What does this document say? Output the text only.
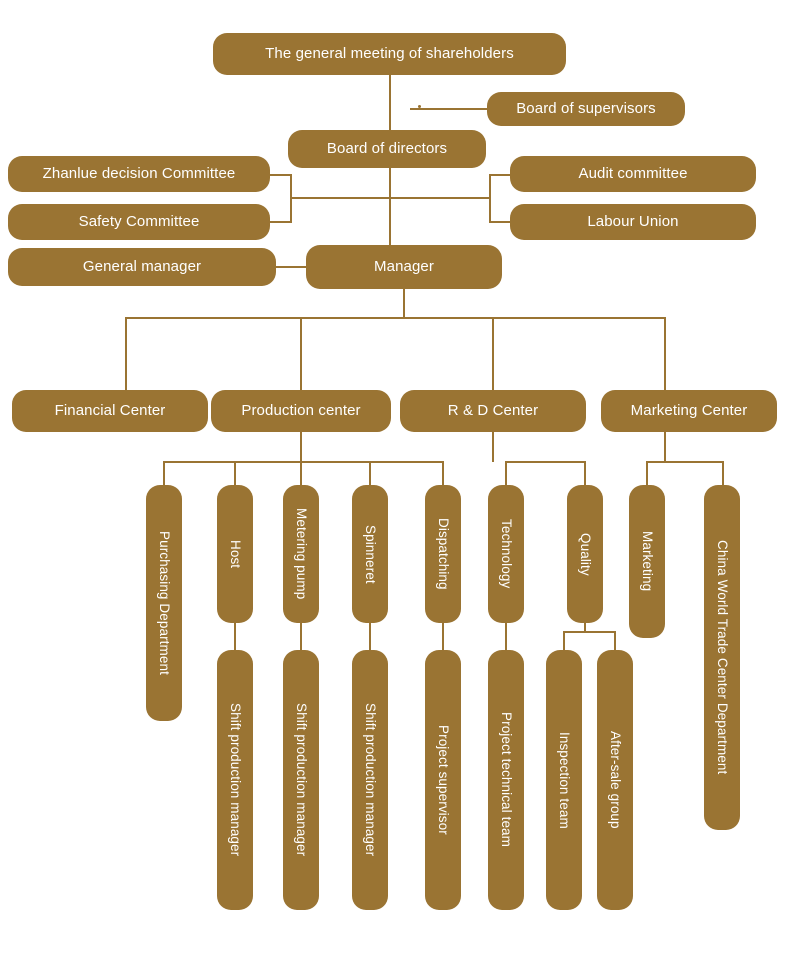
The general meeting of shareholders
Board of supervisors
Board of directors
Zhanlue decision Committee	Audit committee
Safety Committee	Labour Union
General manager	Manager
Financial Center	Production center	R & D Center	Marketing Center
Purchasing Department	Host	Metering pump	Spinneret	Dispatching	Technology	Quality	Marketing	China World Trade Center Department
Shift production manager	Shift production manager	Shift production manager	Project supervisor	Project technical team	Inspection team	After-sale group
